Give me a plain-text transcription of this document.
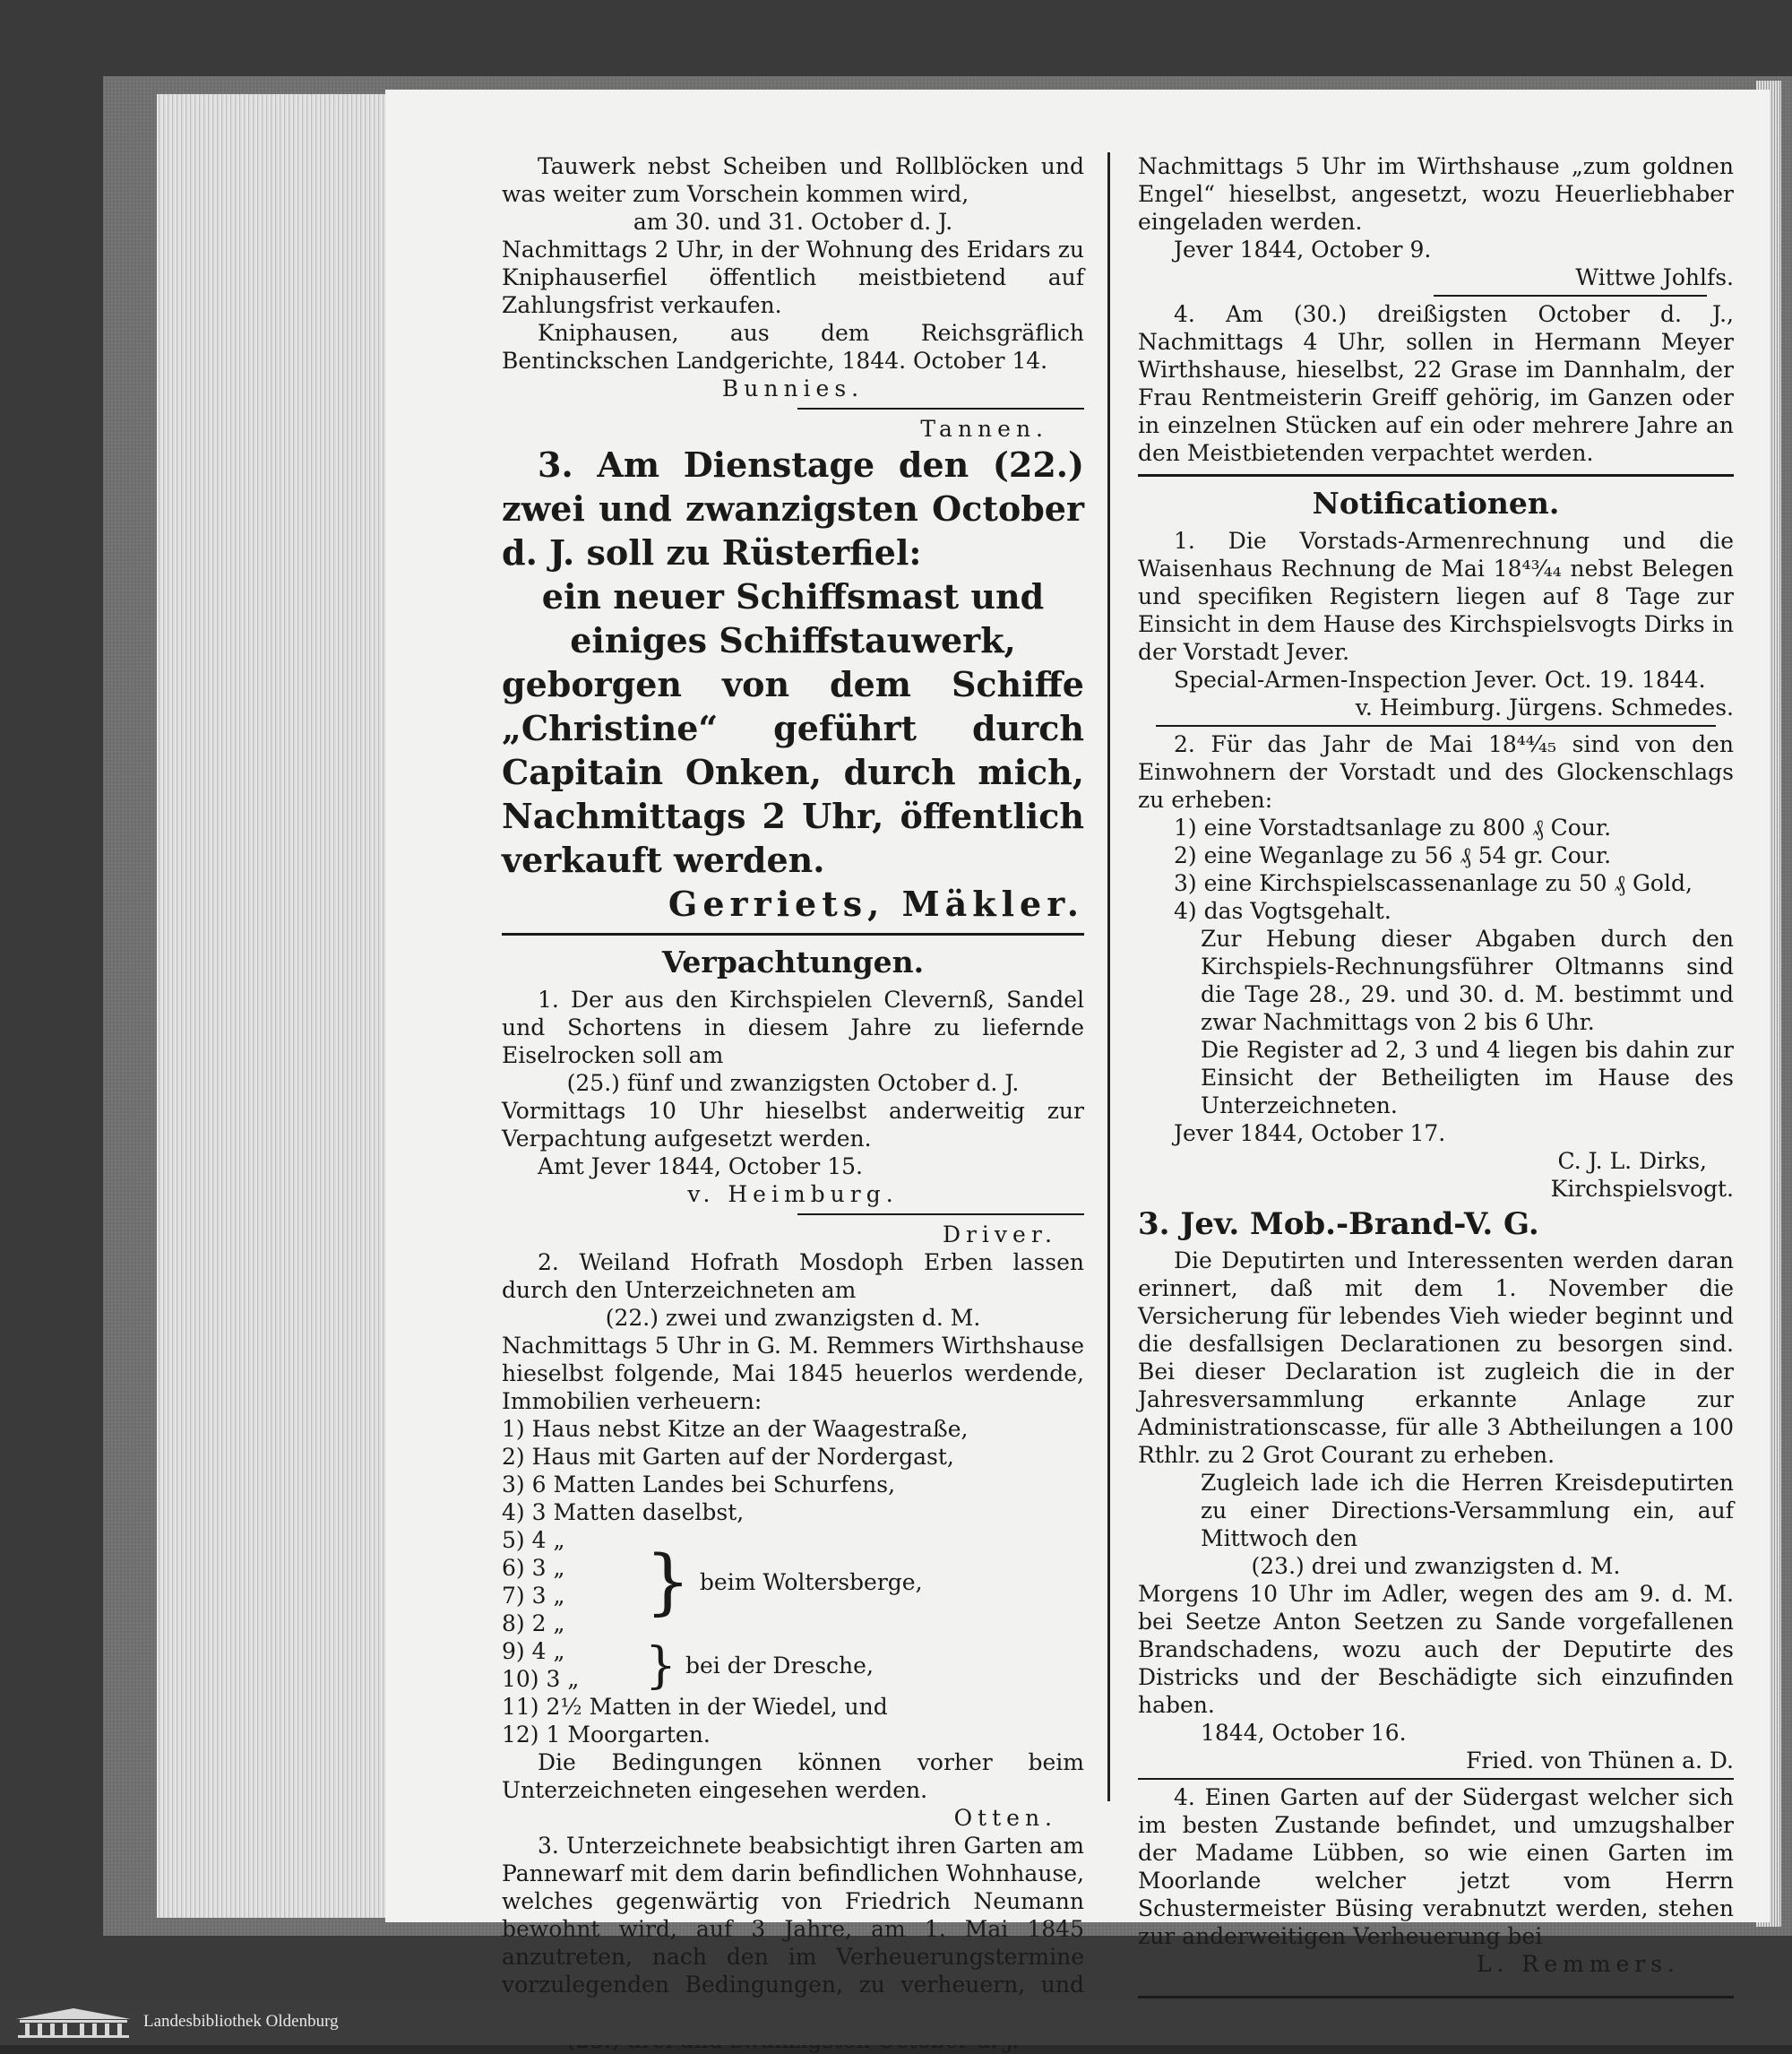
Tauwerk nebst Scheiben und Rollblöcken und was weiter zum Vorschein kommen wird,

am 30. und 31. October d. J.

Nachmittags 2 Uhr, in der Wohnung des Eridars zu Kniphauserfiel öffentlich meistbietend auf Zahlungsfrist verkaufen.

Kniphausen, aus dem Reichsgräflich Bentinckschen Landgerichte, 1844. October 14.

Bunnies.

Tannen.

3. Am Dienstage den (22.) zwei und zwanzigsten October d. J. soll zu Rüsterfiel:

ein neuer Schiffsmast und einiges Schiffstauwerk,

geborgen von dem Schiffe „Christine“ geführt durch Capitain Onken, durch mich, Nachmittags 2 Uhr, öffentlich verkauft werden.

Gerriets, Mäkler.

Verpachtungen.

1. Der aus den Kirchspielen Clevernß, Sandel und Schortens in diesem Jahre zu liefernde Eiselrocken soll am

(25.) fünf und zwanzigsten October d. J.

Vormittags 10 Uhr hieselbst anderweitig zur Verpachtung aufgesetzt werden.

Amt Jever 1844, October 15.

v. Heimburg.

Driver.

2. Weiland Hofrath Mosdoph Erben lassen durch den Unterzeichneten am

(22.) zwei und zwanzigsten d. M.

Nachmittags 5 Uhr in G. M. Remmers Wirthshause hieselbst folgende, Mai 1845 heuerlos werdende, Immobilien verheuern:

1) Haus nebst Kitze an der Waagestraße,

2) Haus mit Garten auf der Nordergast,

3) 6 Matten Landes bei Schurfens,

4) 3 Matten daselbst,

5) 4 „

6) 3 „

7) 3 „

8) 2 „

} beim Woltersberge,

9) 4 „

10) 3 „	} bei der Dresche,

11) 2½ Matten in der Wiedel, und

12) 1 Moorgarten.

Die Bedingungen können vorher beim Unterzeichneten eingesehen werden.

Otten.

3. Unterzeichnete beabsichtigt ihren Garten am Pannewarf mit dem darin befindlichen Wohnhause, welches gegenwärtig von Friedrich Neumann bewohnt wird, auf 3 Jahre, am 1. Mai 1845 anzutreten, nach den im Verheuerungstermine vorzulegenden Bedingungen, zu verheuern, und

Nachmittags 5 Uhr im Wirthshause „zum goldnen Engel“ hieselbst, angesetzt, wozu Heuerliebhaber eingeladen werden.

Jever 1844, October 9.

Wittwe Johlfs.

4. Am (30.) dreißigsten October d. J., Nachmittags 4 Uhr, sollen in Hermann Meyer Wirthshause, hieselbst, 22 Grase im Dannhalm, der Frau Rentmeisterin Greiff gehörig, im Ganzen oder in einzelnen Stücken auf ein oder mehrere Jahre an den Meistbietenden verpachtet werden.

Notificationen.

1. Die Vorstads-Armenrechnung und die Waisenhaus Rechnung de Mai 18⁴³⁄₄₄ nebst Belegen und specifiken Registern liegen auf 8 Tage zur Einsicht in dem Hause des Kirchspielsvogts Dirks in der Vorstadt Jever.

Special-Armen-Inspection Jever. Oct. 19. 1844.

v. Heimburg. Jürgens. Schmedes.

2. Für das Jahr de Mai 18⁴⁴⁄₄₅ sind von den Einwohnern der Vorstadt und des Glockenschlags zu erheben:

1) eine Vorstadtsanlage zu 800 ₰ Cour.

2) eine Weganlage zu 56 ₰ 54 gr. Cour.

3) eine Kirchspielscassenanlage zu 50 ₰ Gold,

4) das Vogtsgehalt.

Zur Hebung dieser Abgaben durch den Kirchspiels-Rechnungsführer Oltmanns sind die Tage 28., 29. und 30. d. M. bestimmt und zwar Nachmittags von 2 bis 6 Uhr.

Die Register ad 2, 3 und 4 liegen bis dahin zur Einsicht der Betheiligten im Hause des Unterzeichneten.

Jever 1844, October 17.

C. J. L. Dirks,

Kirchspielsvogt.

3. Jev. Mob.-Brand-V. G.

Die Deputirten und Interessenten werden daran erinnert, daß mit dem 1. November die Versicherung für lebendes Vieh wieder beginnt und die desfallsigen Declarationen zu besorgen sind. Bei dieser Declaration ist zugleich die in der Jahresversammlung erkannte Anlage zur Administrationscasse, für alle 3 Abtheilungen a 100 Rthlr. zu 2 Grot Courant zu erheben.

Zugleich lade ich die Herren Kreisdeputirten zu einer Directions-Versammlung ein, auf Mittwoch den

(23.) drei und zwanzigsten d. M.

Morgens 10 Uhr im Adler, wegen des am 9. d. M. bei Seetze Anton Seetzen zu Sande vorgefallenen Brandschadens, wozu auch der Deputirte des Districks und der Beschädigte sich einzufinden haben.

1844, October 16.

Fried. von Thünen a. D.

4. Einen Garten auf der Südergast welcher sich im besten Zustande befindet, und umzugshalber der Madame Lübben, so wie einen Garten im Moorlande welcher jetzt vom Herrn Schustermeister Büsing verabnutzt werden, stehen zur anderweitigen Verheuerung bei

L. Remmers.

Landesbibliothek Oldenburg
